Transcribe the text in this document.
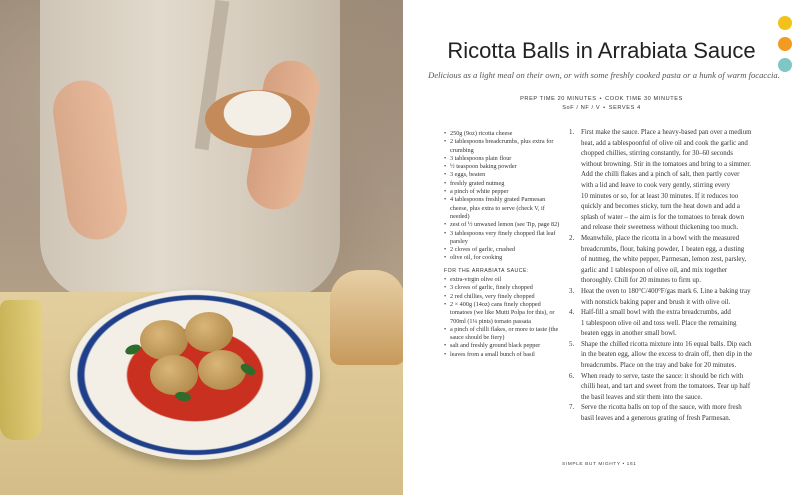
Ricotta Balls in Arrabiata Sauce
Delicious as a light meal on their own, or with some freshly cooked pasta or a hunk of warm focaccia.
PREP TIME 20 MINUTES • COOK TIME 30 MINUTES
SoF / NF / V • SERVES 4
• 250g (9oz) ricotta cheese
• 2 tablespoons breadcrumbs, plus extra for crumbing
• 3 tablespoons plain flour
• ½ teaspoon baking powder
• 3 eggs, beaten
• freshly grated nutmeg
• a pinch of white pepper
• 4 tablespoons freshly grated Parmesan cheese, plus extra to serve (check V, if needed)
• zest of ½ unwaxed lemon (see Tip, page 82)
• 3 tablespoons very finely chopped flat leaf parsley
• 2 cloves of garlic, crushed
• olive oil, for cooking
FOR THE ARRABIATA SAUCE:
• extra-virgin olive oil
• 3 cloves of garlic, finely chopped
• 2 red chillies, very finely chopped
• 2 × 400g (14oz) cans finely chopped tomatoes (we like Mutti Polpa for this), or 700ml (1¼ pints) tomato passata
• a pinch of chilli flakes, or more to taste (the sauce should be fiery)
• salt and freshly ground black pepper
• leaves from a small bunch of basil
1. First make the sauce. Place a heavy-based pan over a medium
heat, add a tablespoonful of olive oil and cook the garlic and
chopped chillies, stirring constantly, for 30–60 seconds
without browning. Stir in the tomatoes and bring to a simmer.
Add the chilli flakes and a pinch of salt, then partly cover
with a lid and leave to cook very gently, stirring every
10 minutes or so, for at least 30 minutes. If it reduces too
quickly and becomes sticky, turn the heat down and add a
splash of water – the aim is for the tomatoes to break down
and release their sweetness without thickening too much.
2. Meanwhile, place the ricotta in a bowl with the measured
breadcrumbs, flour, baking powder, 1 beaten egg, a dusting
of nutmeg, the white pepper, Parmesan, lemon zest, parsley,
garlic and 1 tablespoon of olive oil, and mix together
thoroughly. Chill for 20 minutes to firm up.
3. Heat the oven to 180°C/400°F/gas mark 6. Line a baking tray
with nonstick baking paper and brush it with olive oil.
4. Half-fill a small bowl with the extra breadcrumbs, add
1 tablespoon olive oil and toss well. Place the remaining
beaten eggs in another small bowl.
5. Shape the chilled ricotta mixture into 16 equal balls. Dip each
in the beaten egg, allow the excess to drain off, then dip in the
breadcrumbs. Place on the tray and bake for 20 minutes.
6. When ready to serve, taste the sauce: it should be rich with
chilli heat, and tart and sweet from the tomatoes. Tear up half
the basil leaves and stir them into the sauce.
7. Serve the ricotta balls on top of the sauce, with more fresh
basil leaves and a generous grating of fresh Parmesan.
SIMPLE BUT MIGHTY • 161
